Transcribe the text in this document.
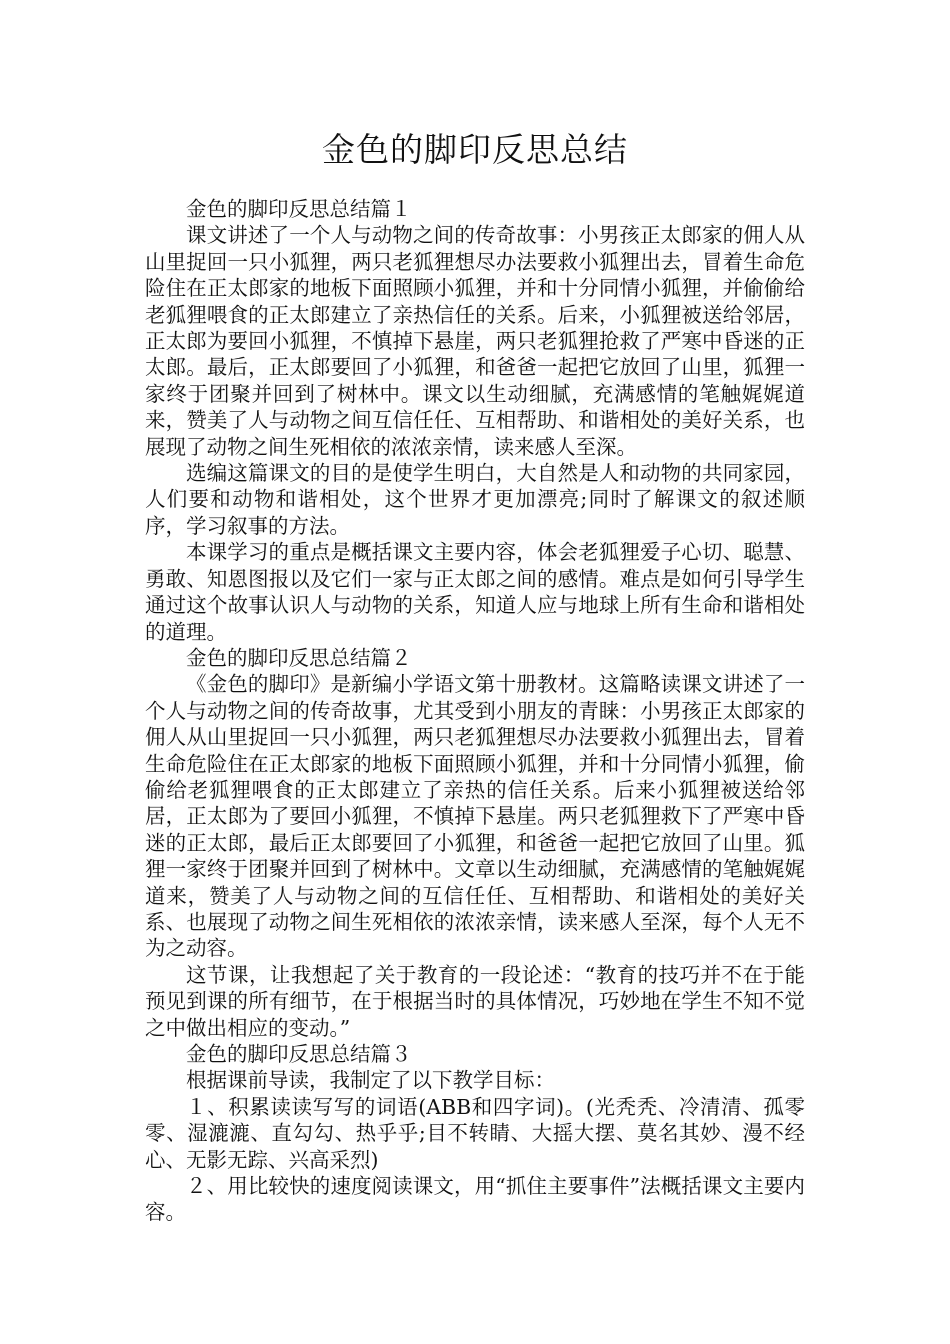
金色的脚印反思总结

金色的脚印反思总结篇１

课文讲述了一个人与动物之间的传奇故事：小男孩正太郎家的佣人从山里捉回一只小狐狸，两只老狐狸想尽办法要救小狐狸出去，冒着生命危险住在正太郎家的地板下面照顾小狐狸，并和十分同情小狐狸，并偷偷给老狐狸喂食的正太郎建立了亲热信任的关系。后来，小狐狸被送给邻居，正太郎为要回小狐狸，不慎掉下悬崖，两只老狐狸抢救了严寒中昏迷的正太郎。最后，正太郎要回了小狐狸，和爸爸一起把它放回了山里，狐狸一家终于团聚并回到了树林中。课文以生动细腻，充满感情的笔触娓娓道来，赞美了人与动物之间互信任任、互相帮助、和谐相处的美好关系，也展现了动物之间生死相依的浓浓亲情，读来感人至深。

选编这篇课文的目的是使学生明白，大自然是人和动物的共同家园，人们要和动物和谐相处，这个世界才更加漂亮;同时了解课文的叙述顺序，学习叙事的方法。

本课学习的重点是概括课文主要内容，体会老狐狸爱子心切、聪慧、勇敢、知恩图报以及它们一家与正太郎之间的感情。难点是如何引导学生通过这个故事认识人与动物的关系，知道人应与地球上所有生命和谐相处的道理。

金色的脚印反思总结篇２

《金色的脚印》是新编小学语文第十册教材。这篇略读课文讲述了一个人与动物之间的传奇故事，尤其受到小朋友的青睐：小男孩正太郎家的佣人从山里捉回一只小狐狸，两只老狐狸想尽办法要救小狐狸出去，冒着生命危险住在正太郎家的地板下面照顾小狐狸，并和十分同情小狐狸，偷偷给老狐狸喂食的正太郎建立了亲热的信任关系。后来小狐狸被送给邻居，正太郎为了要回小狐狸，不慎掉下悬崖。两只老狐狸救下了严寒中昏迷的正太郎，最后正太郎要回了小狐狸，和爸爸一起把它放回了山里。狐狸一家终于团聚并回到了树林中。文章以生动细腻，充满感情的笔触娓娓道来，赞美了人与动物之间的互信任任、互相帮助、和谐相处的美好关系、也展现了动物之间生死相依的浓浓亲情，读来感人至深，每个人无不为之动容。

这节课，让我想起了关于教育的一段论述：“教育的技巧并不在于能预见到课的所有细节，在于根据当时的具体情况，巧妙地在学生不知不觉之中做出相应的变动。”

金色的脚印反思总结篇３

根据课前导读，我制定了以下教学目标：

１、积累读读写写的词语(ABB和四字词)。(光秃秃、冷清清、孤零零、湿漉漉、直勾勾、热乎乎;目不转睛、大摇大摆、莫名其妙、漫不经心、无影无踪、兴高采烈)

２、用比较快的速度阅读课文，用“抓住主要事件”法概括课文主要内容。
